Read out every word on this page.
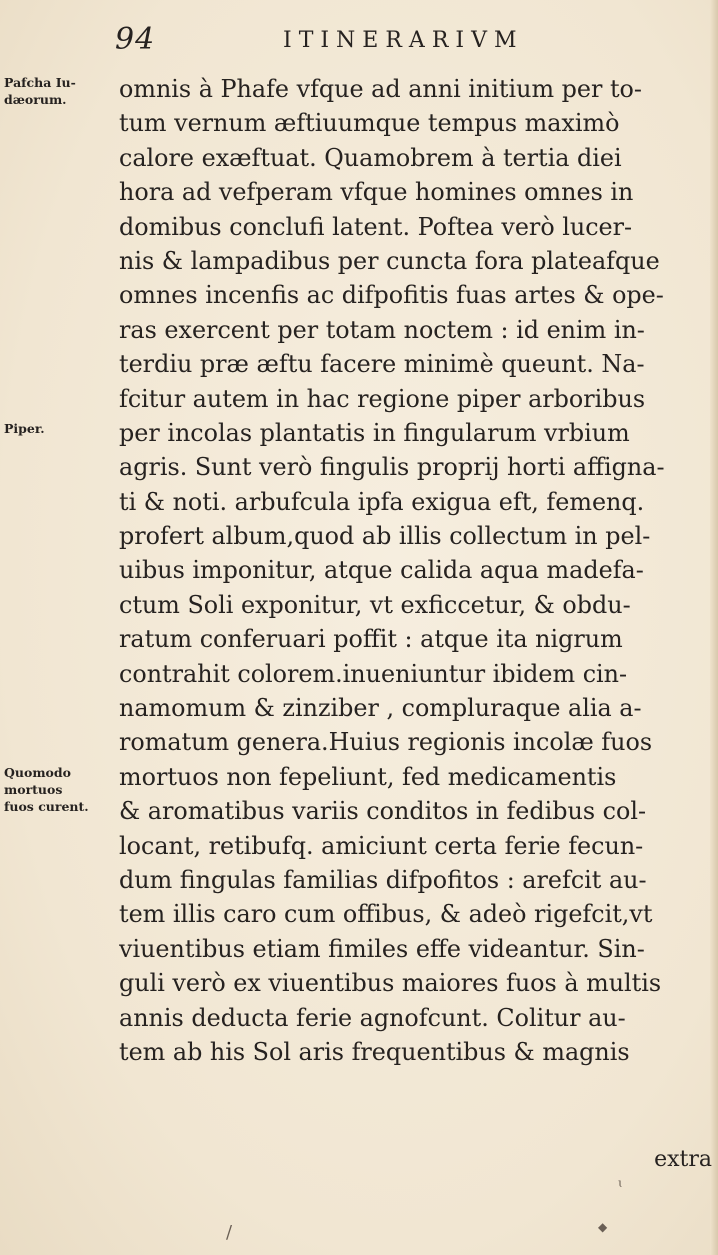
94	ITINERARIVM
Pafcha Iu-
dæorum.
Piper.
Quomodo
mortuos
fuos curent.
omnis à Phafe vfque ad anni initium per to-
tum vernum æftiuumque tempus maximò
calore exæftuat. Quamobrem à tertia diei
hora ad vefperam vfque homines omnes in
domibus conclufi latent. Poftea verò lucer-
nis & lampadibus per cuncta fora plateafque
omnes incenfis ac difpofitis fuas artes & ope-
ras exercent per totam noctem : id enim in-
terdiu præ æftu facere minimè queunt. Na-
fcitur autem in hac regione piper arboribus
per incolas plantatis in fingularum vrbium
agris. Sunt verò fingulis proprij horti affigna-
ti & noti. arbufcula ipfa exigua eft, femenq.
profert album,quod ab illis collectum in pel-
uibus imponitur, atque calida aqua madefa-
ctum Soli exponitur, vt exficcetur, & obdu-
ratum conferuari poffit : atque ita nigrum
contrahit colorem.inueniuntur ibidem cin-
namomum & zinziber , compluraque alia a-
romatum genera.Huius regionis incolæ fuos
mortuos non fepeliunt, fed medicamentis
& aromatibus variis conditos in fedibus col-
locant, retibufq. amiciunt certa ferie fecun-
dum fingulas familias difpofitos : arefcit au-
tem illis caro cum offibus, & adeò rigefcit,vt
viuentibus etiam fimiles effe videantur. Sin-
guli verò ex viuentibus maiores fuos à multis
annis deducta ferie agnofcunt. Colitur au-
tem ab his Sol aris frequentibus & magnis
extra
/
ɩ
◆
